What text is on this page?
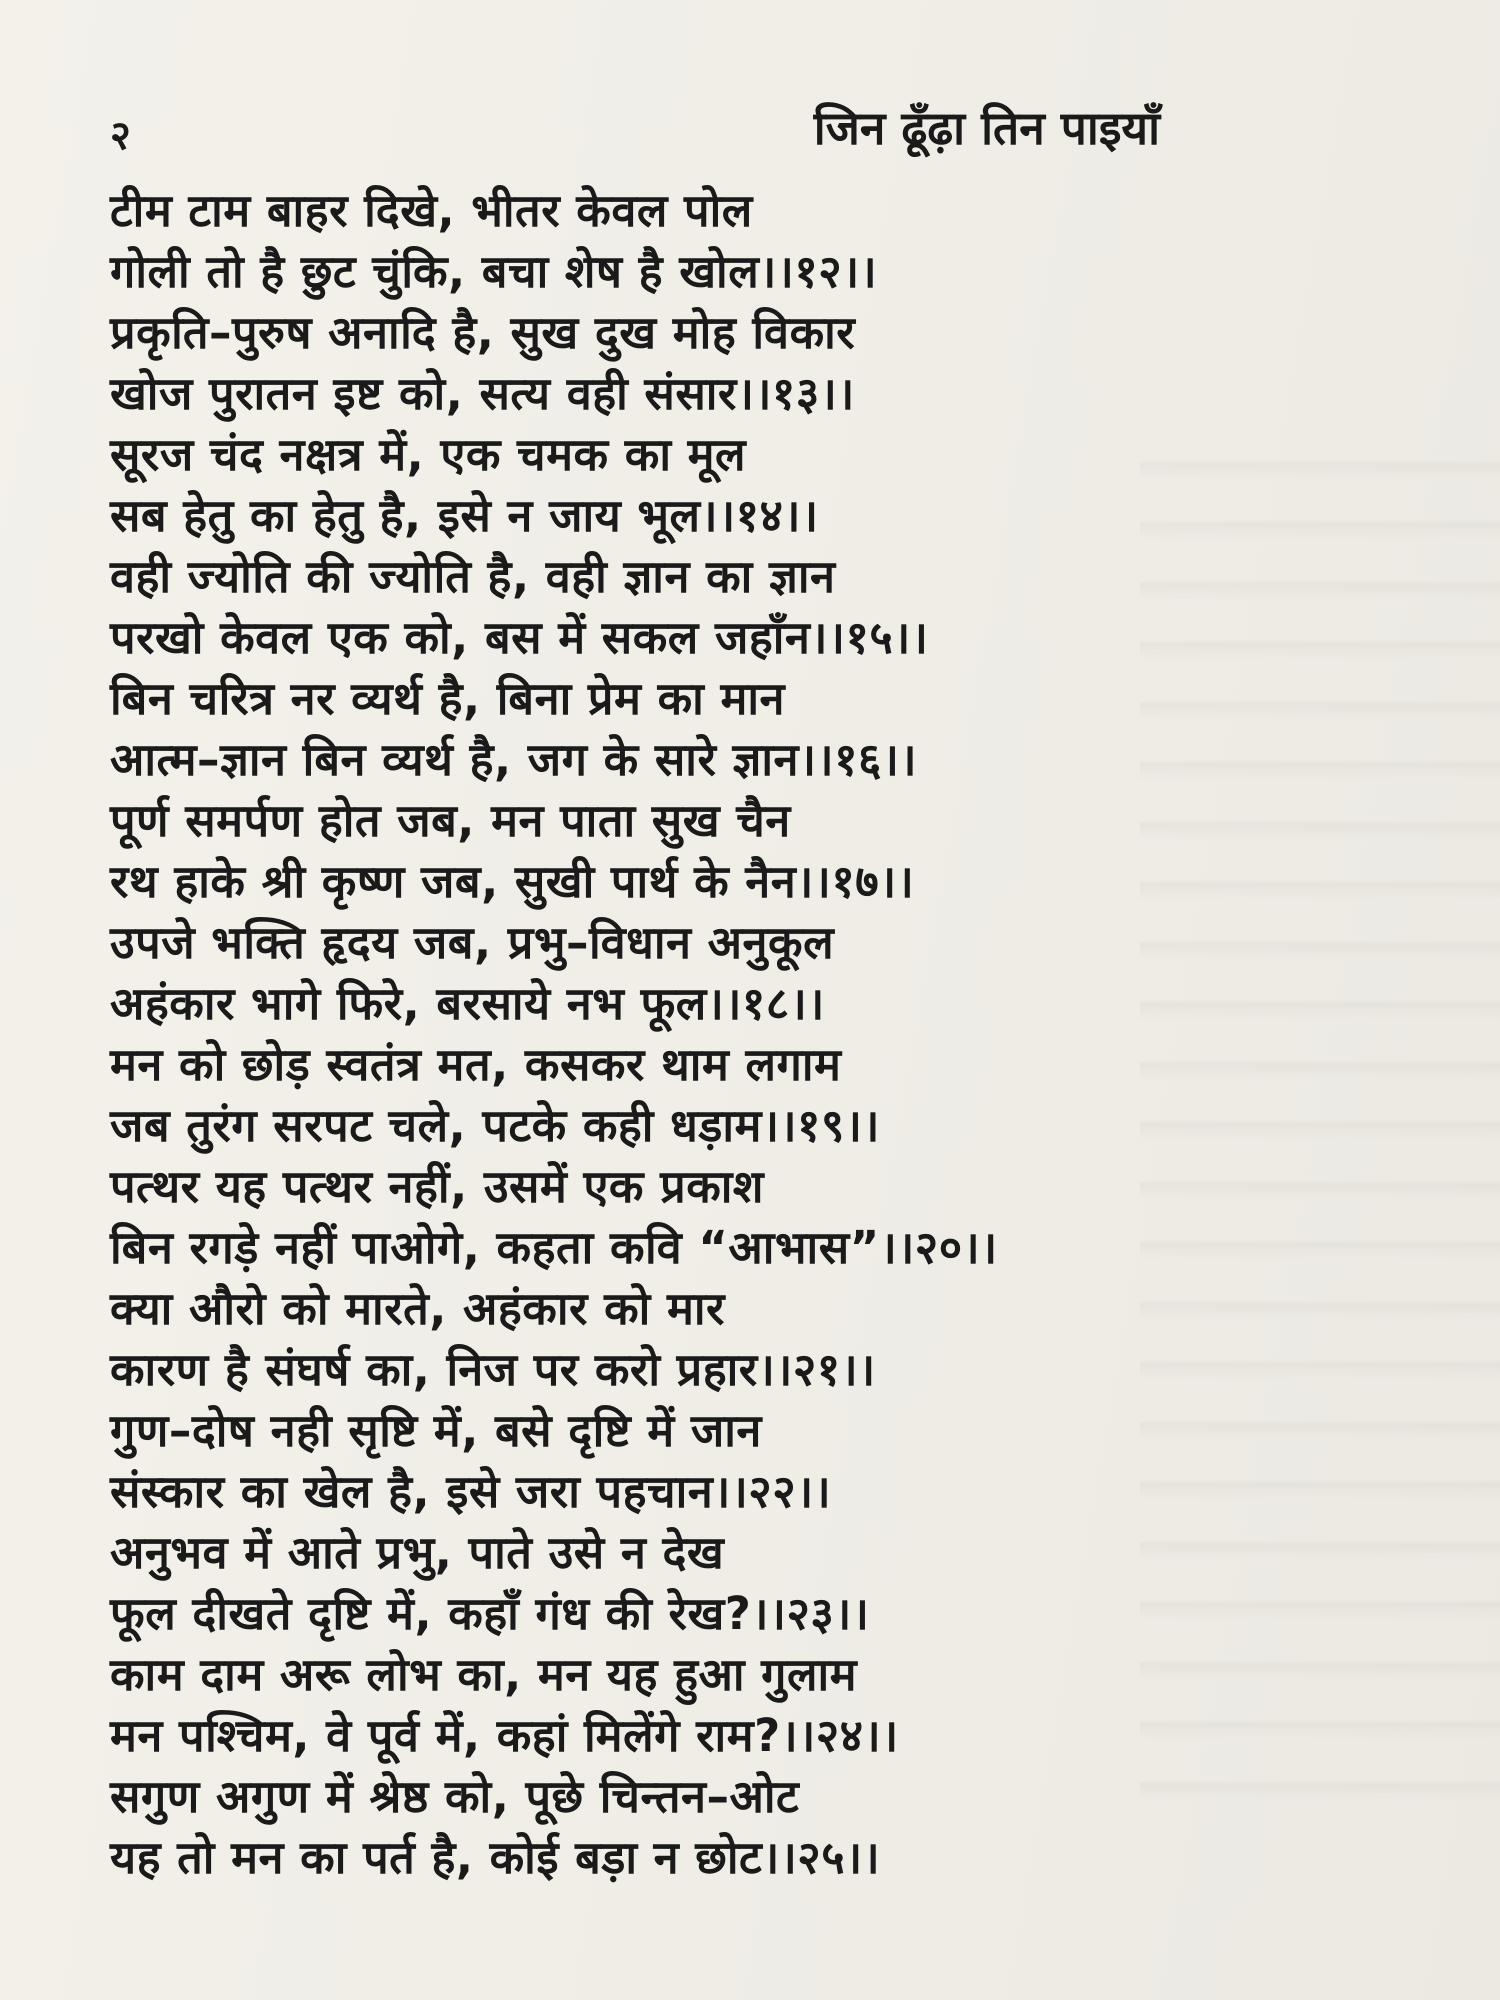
२	जिन ढूँढ़ा तिन पाइयाँ
टीम टाम बाहर दिखे, भीतर केवल पोल
गोली तो है छुट चुंकि, बचा शेष है खोल।।१२।।
प्रकृति–पुरुष अनादि है, सुख दुख मोह विकार
खोज पुरातन इष्ट को, सत्य वही संसार।।१३।।
सूरज चंद नक्षत्र में, एक चमक का मूल
सब हेतु का हेतु है, इसे न जाय भूल।।१४।।
वही ज्योति की ज्योति है, वही ज्ञान का ज्ञान
परखो केवल एक को, बस में सकल जहाँन।।१५।।
बिन चरित्र नर व्यर्थ है, बिना प्रेम का मान
आत्म–ज्ञान बिन व्यर्थ है, जग के सारे ज्ञान।।१६।।
पूर्ण समर्पण होत जब, मन पाता सुख चैन
रथ हाके श्री कृष्ण जब, सुखी पार्थ के नैन।।१७।।
उपजे भक्ति हृदय जब, प्रभु–विधान अनुकूल
अहंकार भागे फिरे, बरसाये नभ फूल।।१८।।
मन को छोड़ स्वतंत्र मत, कसकर थाम लगाम
जब तुरंग सरपट चले, पटके कही धड़ाम।।१९।।
पत्थर यह पत्थर नहीं, उसमें एक प्रकाश
बिन रगड़े नहीं पाओगे, कहता कवि “आभास”।।२०।।
क्या औरो को मारते, अहंकार को मार
कारण है संघर्ष का, निज पर करो प्रहार।।२१।।
गुण–दोष नही सृष्टि में, बसे दृष्टि में जान
संस्कार का खेल है, इसे जरा पहचान।।२२।।
अनुभव में आते प्रभु, पाते उसे न देख
फूल दीखते दृष्टि में, कहाँ गंध की रेख?।।२३।।
काम दाम अरू लोभ का, मन यह हुआ गुलाम
मन पश्चिम, वे पूर्व में, कहां मिलेंगे राम?।।२४।।
सगुण अगुण में श्रेष्ठ को, पूछे चिन्तन–ओट
यह तो मन का पर्त है, कोई बड़ा न छोट।।२५।।
